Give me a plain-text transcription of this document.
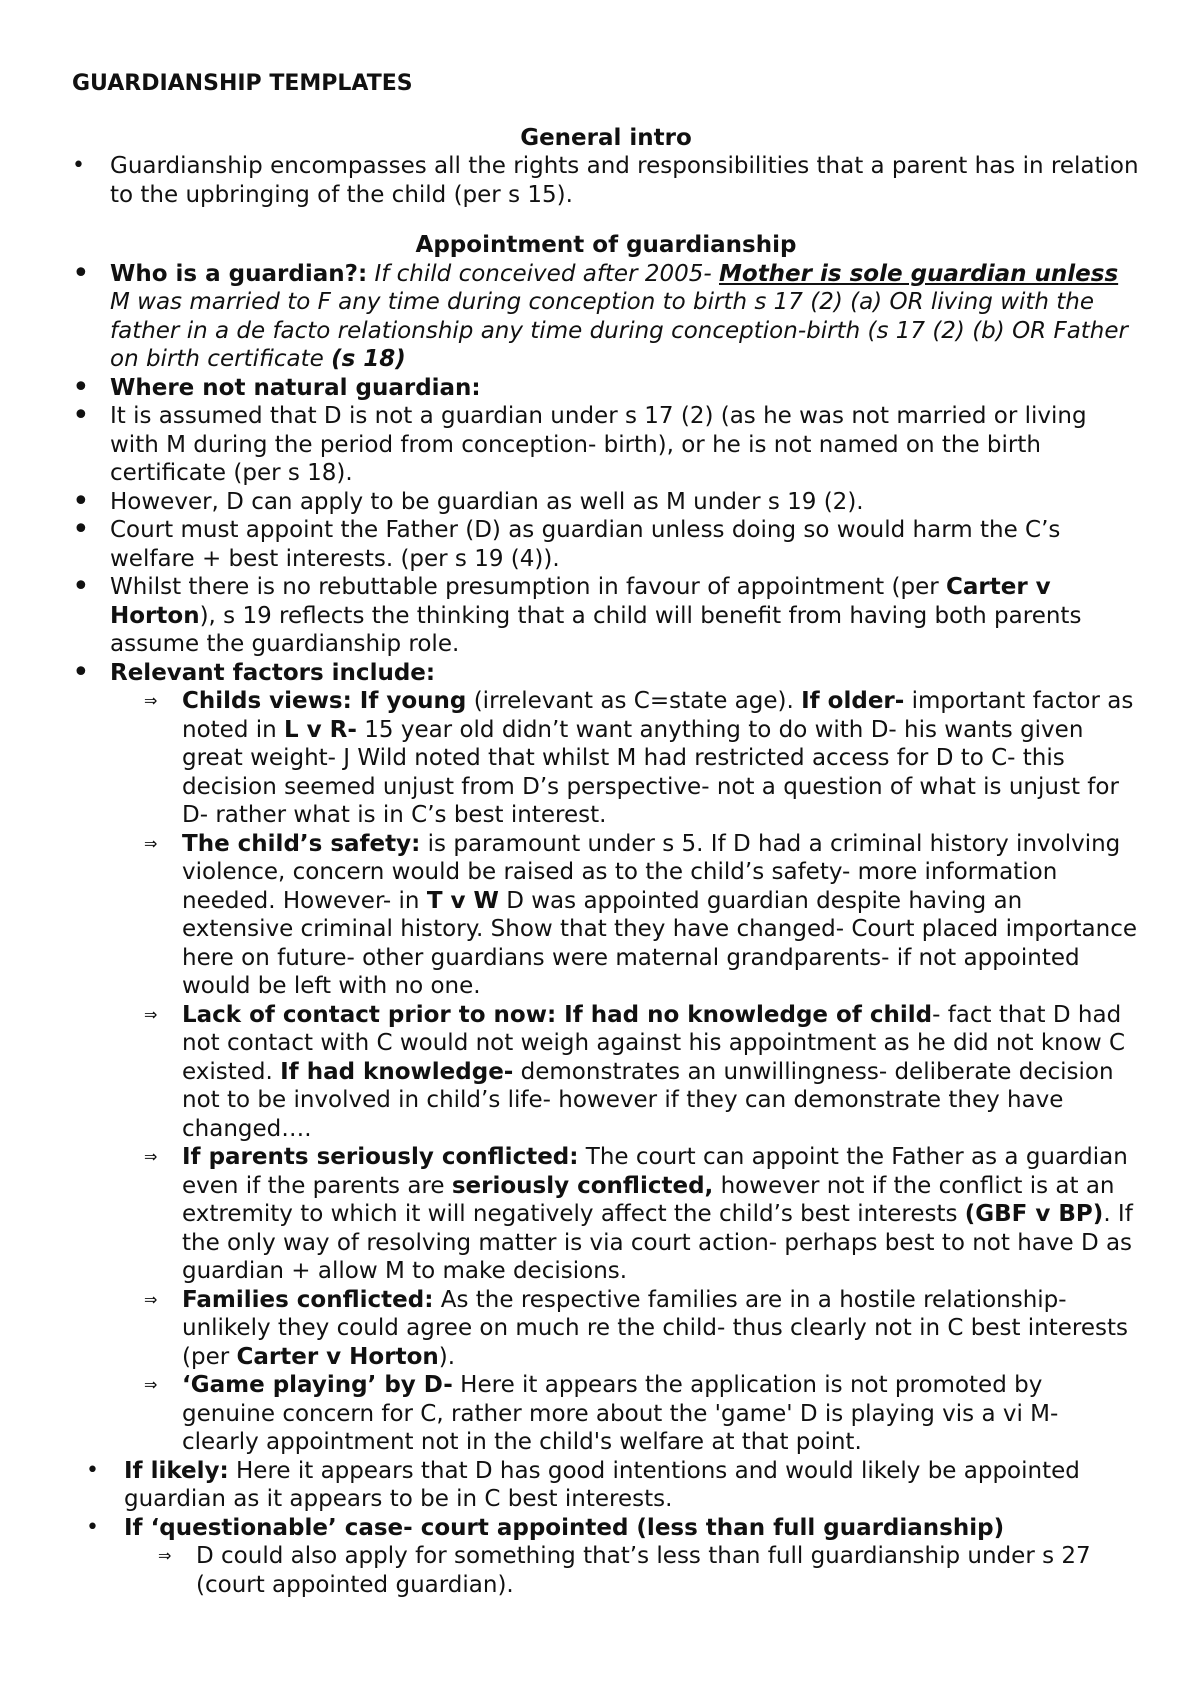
GUARDIANSHIP TEMPLATES
General intro
• Guardianship encompasses all the rights and responsibilities that a parent has in relation to the upbringing of the child (per s 15).
Appointment of guardianship
• Who is a guardian?: If child conceived after 2005- Mother is sole guardian unless M was married to F any time during conception to birth s 17 (2) (a) OR living with the father in a de facto relationship any time during conception-birth (s 17 (2) (b) OR Father on birth certificate (s 18)
• Where not natural guardian:
• It is assumed that D is not a guardian under s 17 (2) (as he was not married or living with M during the period from conception- birth), or he is not named on the birth certificate (per s 18).
• However, D can apply to be guardian as well as M under s 19 (2).
• Court must appoint the Father (D) as guardian unless doing so would harm the C’s welfare + best interests. (per s 19 (4)).
• Whilst there is no rebuttable presumption in favour of appointment (per Carter v Horton), s 19 reflects the thinking that a child will benefit from having both parents assume the guardianship role.
• Relevant factors include:
⇒ Childs views: If young (irrelevant as C=state age). If older- important factor as noted in L v R- 15 year old didn’t want anything to do with D- his wants given great weight- J Wild noted that whilst M had restricted access for D to C- this decision seemed unjust from D’s perspective- not a question of what is unjust for D- rather what is in C’s best interest.
⇒ The child’s safety: is paramount under s 5. If D had a criminal history involving violence, concern would be raised as to the child’s safety- more information needed. However- in T v W D was appointed guardian despite having an extensive criminal history. Show that they have changed- Court placed importance here on future- other guardians were maternal grandparents- if not appointed would be left with no one.
⇒ Lack of contact prior to now: If had no knowledge of child- fact that D had not contact with C would not weigh against his appointment as he did not know C existed. If had knowledge- demonstrates an unwillingness- deliberate decision not to be involved in child’s life- however if they can demonstrate they have changed….
⇒ If parents seriously conflicted: The court can appoint the Father as a guardian even if the parents are seriously conflicted, however not if the conflict is at an extremity to which it will negatively affect the child’s best interests (GBF v BP). If the only way of resolving matter is via court action- perhaps best to not have D as guardian + allow M to make decisions.
⇒ Families conflicted: As the respective families are in a hostile relationship- unlikely they could agree on much re the child- thus clearly not in C best interests (per Carter v Horton).
⇒ ‘Game playing’ by D- Here it appears the application is not promoted by genuine concern for C, rather more about the 'game' D is playing vis a vi M- clearly appointment not in the child's welfare at that point.
• If likely: Here it appears that D has good intentions and would likely be appointed guardian as it appears to be in C best interests.
• If ‘questionable’ case- court appointed (less than full guardianship)
⇒ D could also apply for something that’s less than full guardianship under s 27 (court appointed guardian).
